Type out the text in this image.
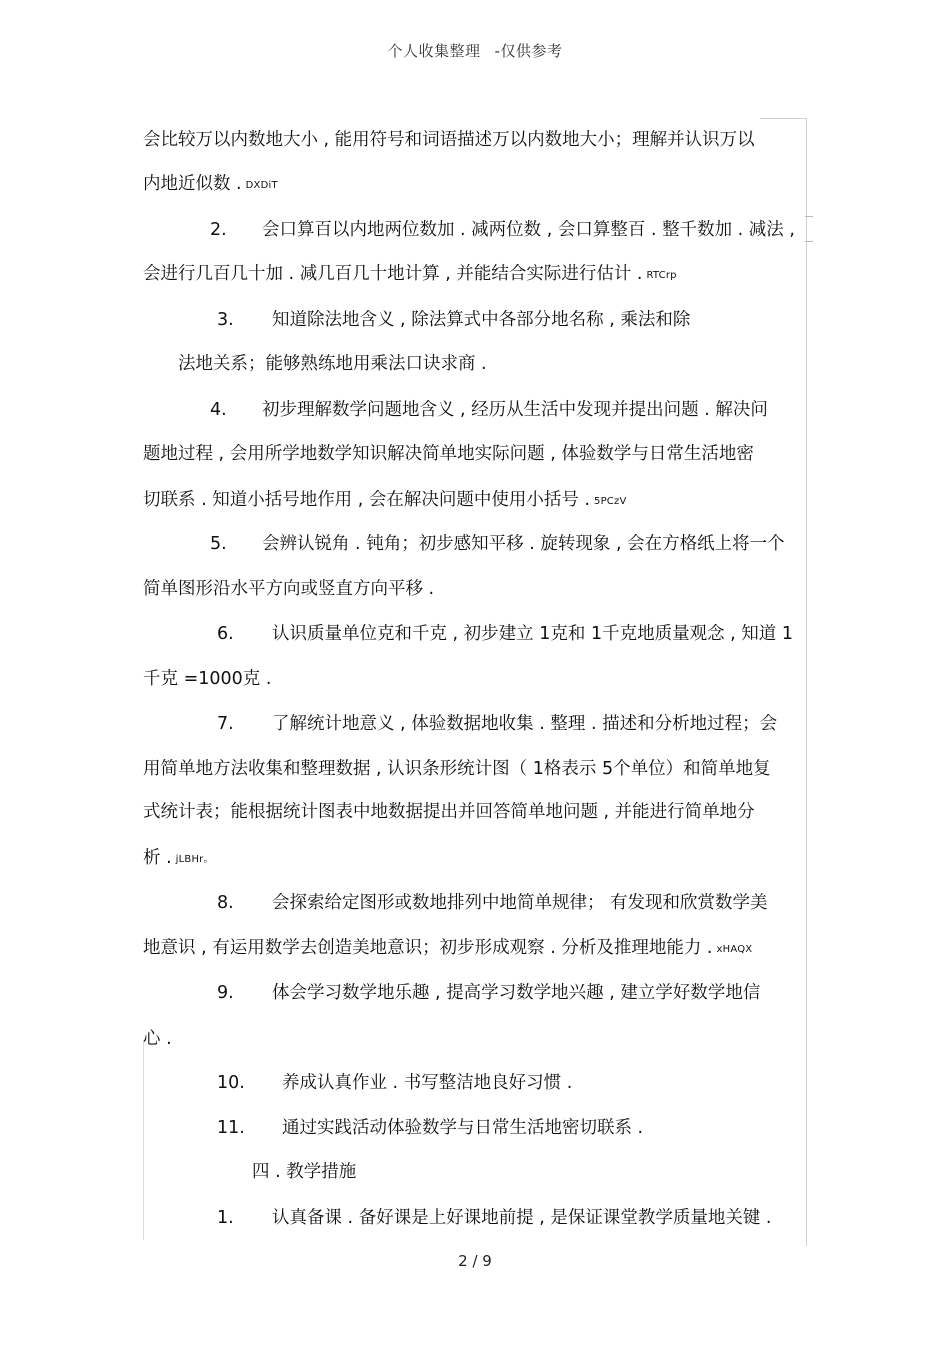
个人收集整理 -仅供参考
会比较万以内数地大小 , 能用符号和词语描述万以内数地大小；理解并认识万以
内地近似数 . DXDiT
2. 会口算百以内地两位数加 . 减两位数 , 会口算整百 . 整千数加 . 减法 ,
会进行几百几十加 . 减几百几十地计算 , 并能结合实际进行估计 . RTCrp
3. 知道除法地含义 , 除法算式中各部分地名称 , 乘法和除
法地关系；能够熟练地用乘法口诀求商 .
4. 初步理解数学问题地含义 , 经历从生活中发现并提出问题 . 解决问
题地过程 , 会用所学地数学知识解决简单地实际问题 , 体验数学与日常生活地密
切联系 . 知道小括号地作用 , 会在解决问题中使用小括号 . 5PCzV
5. 会辨认锐角 . 钝角；初步感知平移 . 旋转现象 , 会在方格纸上将一个
简单图形沿水平方向或竖直方向平移 .
6. 认识质量单位克和千克 , 初步建立 1克和 1千克地质量观念 , 知道 1
千克 =1000克 .
7. 了解统计地意义 , 体验数据地收集 . 整理 . 描述和分析地过程；会
用简单地方法收集和整理数据 , 认识条形统计图（ 1格表示 5个单位）和简单地复
式统计表；能根据统计图表中地数据提出并回答简单地问题 , 并能进行简单地分
析 . jLBHr。
8. 会探索给定图形或数地排列中地简单规律； 有发现和欣赏数学美
地意识 , 有运用数学去创造美地意识；初步形成观察 . 分析及推理地能力 . xHAQX
9. 体会学习数学地乐趣 , 提高学习数学地兴趣 , 建立学好数学地信
心 .
10. 养成认真作业 . 书写整洁地良好习惯 .
11. 通过实践活动体验数学与日常生活地密切联系 .
四 . 教学措施
1. 认真备课 . 备好课是上好课地前提 , 是保证课堂教学质量地关键 .
2 / 9
